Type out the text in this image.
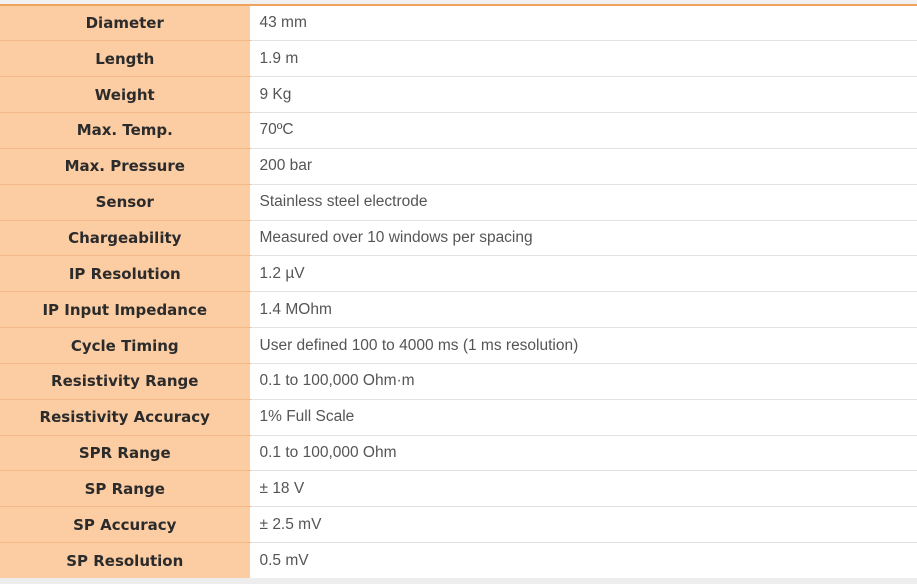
Diameter	43 mm
Length	1.9 m
Weight	9 Kg
Max. Temp.	70ºC
Max. Pressure	200 bar
Sensor	Stainless steel electrode
Chargeability	Measured over 10 windows per spacing
IP Resolution	1.2 µV
IP Input Impedance	1.4 MOhm
Cycle Timing	User defined 100 to 4000 ms (1 ms resolution)
Resistivity Range	0.1 to 100,000 Ohm·m
Resistivity Accuracy	1% Full Scale
SPR Range	0.1 to 100,000 Ohm
SP Range	± 18 V
SP Accuracy	± 2.5 mV
SP Resolution	0.5 mV
